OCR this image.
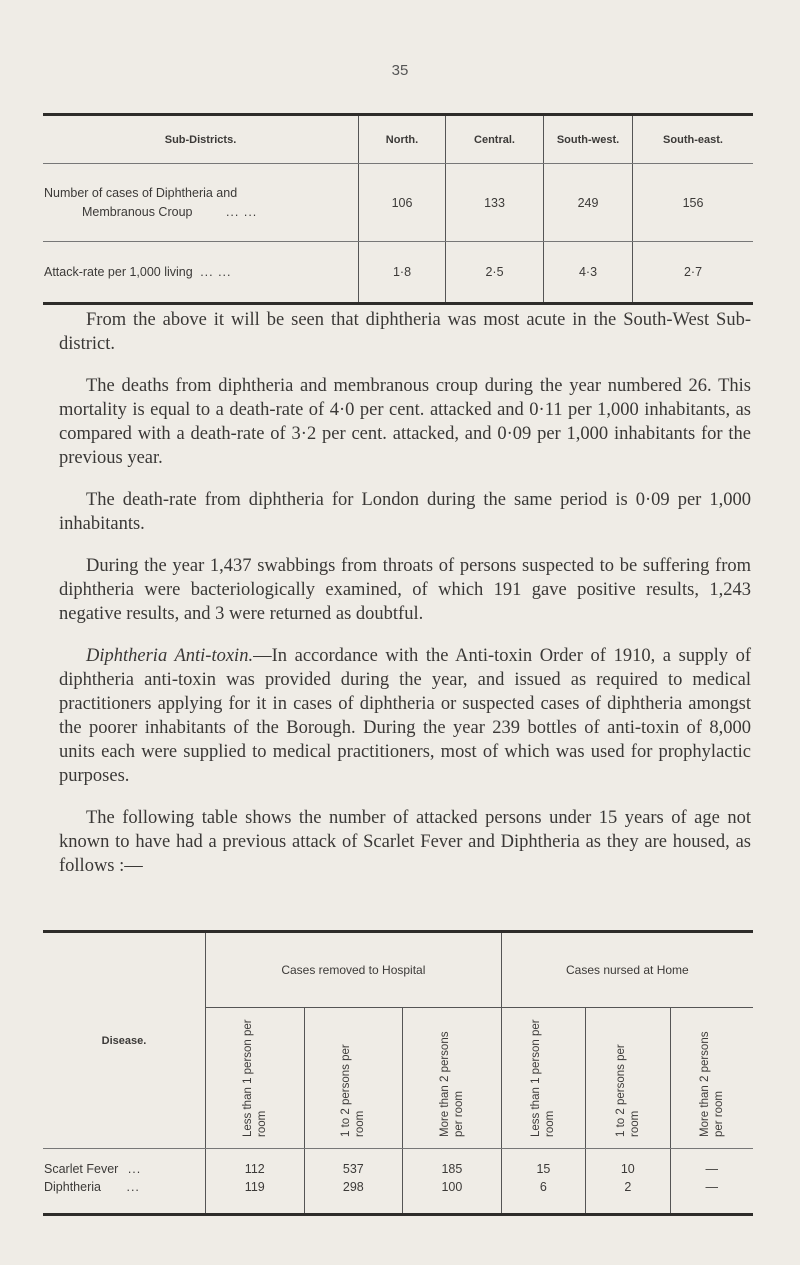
35
Sub-Districts.	North.	Central.	South-west.	South-east.
Number of cases of Diphtheria and
Membranous Croup ... ...	106	133	249	156
Attack-rate per 1,000 living ... ...	1·8	2·5	4·3	2·7

From the above it will be seen that diphtheria was most acute in the South-West Sub-district.

The deaths from diphtheria and membranous croup during the year numbered 26. This mortality is equal to a death-rate of 4·0 per cent. attacked and 0·11 per 1,000 inhabitants, as compared with a death-rate of 3·2 per cent. attacked, and 0·09 per 1,000 inhabitants for the previous year.

The death-rate from diphtheria for London during the same period is 0·09 per 1,000 inhabitants.

During the year 1,437 swabbings from throats of persons suspected to be suffering from diphtheria were bacteriologically examined, of which 191 gave positive results, 1,243 negative results, and 3 were returned as doubtful.

Diphtheria Anti-toxin.—In accordance with the Anti-toxin Order of 1910, a supply of diphtheria anti-toxin was provided during the year, and issued as required to medical practitioners applying for it in cases of diphtheria or suspected cases of diphtheria amongst the poorer inhabitants of the Borough. During the year 239 bottles of anti-toxin of 8,000 units each were supplied to medical practitioners, most of which was used for prophylactic purposes.

The following table shows the number of attacked persons under 15 years of age not known to have had a previous attack of Scarlet Fever and Diphtheria as they are housed, as follows :—

Disease.	Cases removed to Hospital			Cases nursed at Home		
	Less than 1 person per room	1 to 2 persons per room	More than 2 persons per room	Less than 1 person per room	1 to 2 persons per room	More than 2 persons per room
Scarlet Fever ...	112	537	185	15	10	—
Diphtheria ...	119	298	100	6	2	—
